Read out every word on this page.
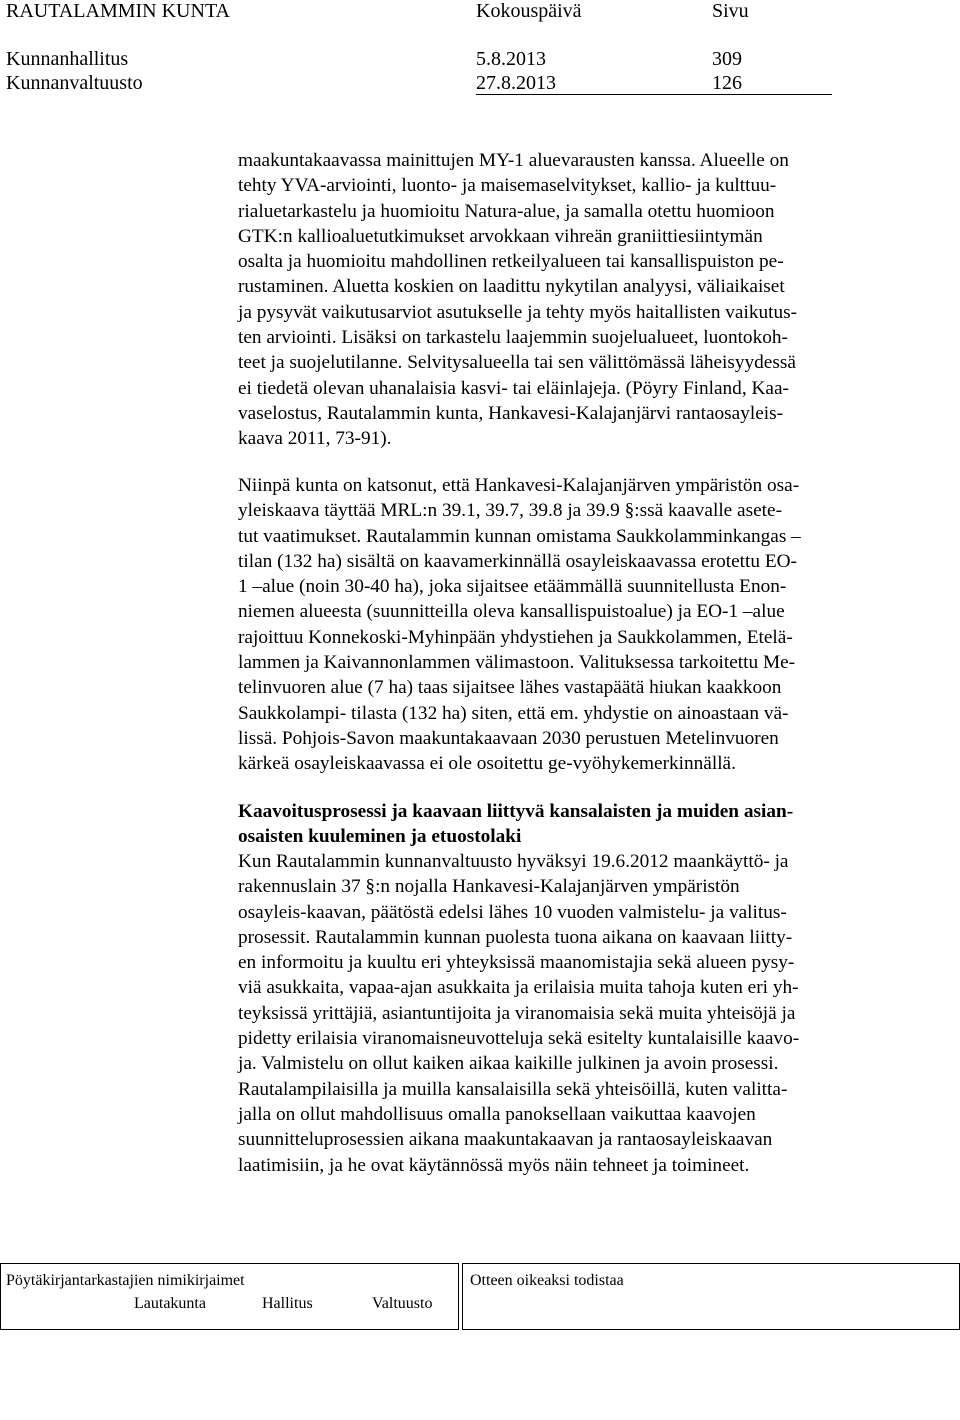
RAUTALAMMIN KUNTA	Kokouspäivä	Sivu
Kunnanhallitus	5.8.2013	309
Kunnanvaltuusto	27.8.2013	126

maakuntakaavassa mainittujen MY-1 aluevarausten kanssa. Alueelle on
tehty YVA-arviointi, luonto- ja maisemaselvitykset, kallio- ja kulttuu-
rialuetarkastelu ja huomioitu Natura-alue, ja samalla otettu huomioon
GTK:n kallioaluetutkimukset arvokkaan vihreän graniittiesiintymän
osalta ja huomioitu mahdollinen retkeilyalueen tai kansallispuiston pe-
rustaminen. Aluetta koskien on laadittu nykytilan analyysi, väliaikaiset
ja pysyvät vaikutusarviot asutukselle ja tehty myös haitallisten vaikutus-
ten arviointi. Lisäksi on tarkastelu laajemmin suojelualueet, luontokoh-
teet ja suojelutilanne. Selvitysalueella tai sen välittömässä läheisyydessä
ei tiedetä olevan uhanalaisia kasvi- tai eläinlajeja. (Pöyry Finland, Kaa-
vaselostus, Rautalammin kunta, Hankavesi-Kalajanjärvi rantaosayleis-
kaava 2011, 73-91).

Niinpä kunta on katsonut, että Hankavesi-Kalajanjärven ympäristön osa-
yleiskaava täyttää MRL:n 39.1, 39.7, 39.8 ja 39.9 §:ssä kaavalle asete-
tut vaatimukset. Rautalammin kunnan omistama Saukkolamminkangas –
tilan (132 ha) sisältä on kaavamerkinnällä osayleiskaavassa erotettu EO-
1 –alue (noin 30-40 ha), joka sijaitsee etäämmällä suunnitellusta Enon-
niemen alueesta (suunnitteilla oleva kansallispuistoalue) ja EO-1 –alue
rajoittuu Konnekoski-Myhinpään yhdystiehen ja Saukkolammen, Etelä-
lammen ja Kaivannonlammen välimastoon. Valituksessa tarkoitettu Me-
telinvuoren alue (7 ha) taas sijaitsee lähes vastapäätä hiukan kaakkoon
Saukkolampi- tilasta (132 ha) siten, että em. yhdystie on ainoastaan vä-
lissä. Pohjois-Savon maakuntakaavaan 2030 perustuen Metelinvuoren
kärkeä osayleiskaavassa ei ole osoitettu ge-vyöhykemerkinnällä.

Kaavoitusprosessi ja kaavaan liittyvä kansalaisten ja muiden asian-
osaisten kuuleminen ja etuostolaki

Kun Rautalammin kunnanvaltuusto hyväksyi 19.6.2012 maankäyttö- ja
rakennuslain 37 §:n nojalla Hankavesi-Kalajanjärven ympäristön
osayleis-kaavan, päätöstä edelsi lähes 10 vuoden valmistelu- ja valitus-
prosessit. Rautalammin kunnan puolesta tuona aikana on kaavaan liitty-
en informoitu ja kuultu eri yhteyksissä maanomistajia sekä alueen pysy-
viä asukkaita, vapaa-ajan asukkaita ja erilaisia muita tahoja kuten eri yh-
teyksissä yrittäjiä, asiantuntijoita ja viranomaisia sekä muita yhteisöjä ja
pidetty erilaisia viranomaisneuvotteluja sekä esitelty kuntalaisille kaavo-
ja. Valmistelu on ollut kaiken aikaa kaikille julkinen ja avoin prosessi.
Rautalampilaisilla ja muilla kansalaisilla sekä yhteisöillä, kuten valitta-
jalla on ollut mahdollisuus omalla panoksellaan vaikuttaa kaavojen
suunnitteluprosessien aikana maakuntakaavan ja rantaosayleiskaavan
laatimisiin, ja he ovat käytännössä myös näin tehneet ja toimineet.

Pöytäkirjantarkastajien nimikirjaimet
Lautakunta	Hallitus	Valtuusto
Otteen oikeaksi todistaa
